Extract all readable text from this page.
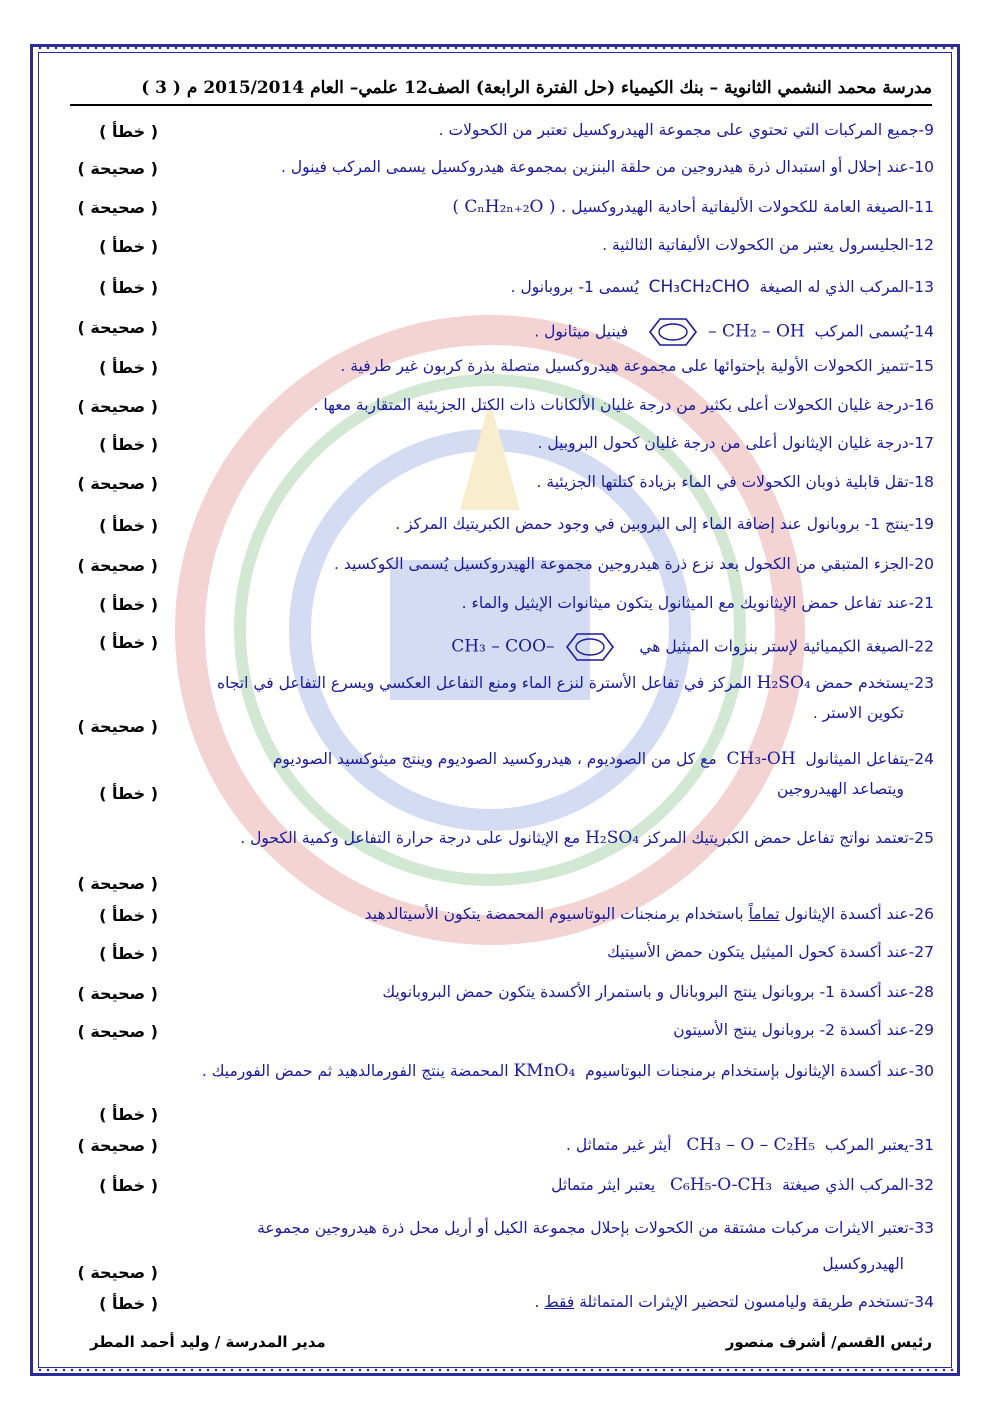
مدرسة محمد النشمي الثانوية – بنك الكيمياء (حل الفترة الرابعة) الصف12 علمي– العام 2015/2014 م ( 3 )
9-جميع المركبات التي تحتوي على مجموعة الهيدروكسيل تعتبر من الكحولات .
( خطأ )
10-عند إحلال أو استبدال ذرة هيدروجين من حلقة البنزين بمجموعة هيدروكسيل يسمى المركب فينول .
( صحيحة )
11-الصيغة العامة للكحولات الأليفاتية أحادية الهيدروكسيل ( CₙH₂ₙ₊₂O ) .
( صحيحة )
12-الجليسرول يعتبر من الكحولات الأليفاتية الثالثية .
( خطأ )
13-المركب الذي له الصيغة  CH₃CH₂CHO  يُسمى 1- بروبانول .
( خطأ )
14-يُسمى المركب  – CH₂ – OH  فينيل ميثانول .
( صحيحة )
15-تتميز الكحولات الأولية بإحتوائها على مجموعة هيدروكسيل متصلة بذرة كربون غير طرفية .
( خطأ )
16-درجة غليان الكحولات أعلى بكثير من درجة غليان الألكانات ذات الكتل الجزيئية المتقاربة معها .
( صحيحة )
17-درجة غليان الإيثانول أعلى من درجة غليان كحول البروبيل .
( خطأ )
18-تقل قابلية ذوبان الكحولات في الماء بزيادة كتلتها الجزيئية .
( صحيحة )
19-ينتج 1- بروبانول عند إضافة الماء إلى البروبين في وجود حمض الكبريتيك المركز .
( خطأ )
20-الجزء المتبقي من الكحول بعد نزع ذرة هيدروجين مجموعة الهيدروكسيل يُسمى الكوكسيد .
( صحيحة )
21-عند تفاعل حمض الإيثانويك مع الميثانول يتكون ميثانوات الإيثيل والماء .
( خطأ )
22-الصيغة الكيميائية لإستر بنزوات الميثيل هي   CH₃ – COO–
( خطأ )
23-يستخدم حمض H₂SO₄ المركز في تفاعل الأسترة لنزع الماء ومنع التفاعل العكسي ويسرع التفاعل في اتجاه
تكوين الاستر .
( صحيحة )
24-يتفاعل الميثانول  CH₃-OH  مع كل من الصوديوم ، هيدروكسيد الصوديوم وينتج ميثوكسيد الصوديوم
ويتصاعد الهيدروجين
( خطأ )
25-تعتمد نواتج تفاعل حمض الكبريتيك المركز H₂SO₄ مع الإيثانول على درجة حرارة التفاعل وكمية الكحول .
( صحيحة )
26-عند أكسدة الإيثانول تماماً باستخدام برمنجنات البوتاسيوم المحمضة يتكون الأسيتالدهيد
( خطأ )
27-عند أكسدة كحول الميثيل يتكون حمض الأسيتيك
( خطأ )
28-عند أكسدة 1- بروبانول ينتج البروبانال و باستمرار الأكسدة يتكون حمض البروبانويك
( صحيحة )
29-عند أكسدة 2- بروبانول ينتج الأسيتون
( صحيحة )
30-عند أكسدة الإيثانول بإستخدام برمنجنات البوتاسيوم  KMnO₄ المحمضة ينتج الفورمالدهيد ثم حمض الفورميك .
( خطأ )
31-يعتبر المركب  CH₃ – O – C₂H₅   أيثر غير متماثل .
( صحيحة )
32-المركب الذي صيغتة  C₆H₅-O-CH₃   يعتبر ايثر متماثل
( خطأ )
33-تعتبر الايثرات مركبات مشتقة من الكحولات بإحلال مجموعة الكيل أو أريل محل ذرة هيدروجين مجموعة
الهيدروكسيل
( صحيحة )
34-تستخدم طريقة وليامسون لتحضير الإيثرات المتماثلة فقط .
( خطأ )
رئيس القسم/ أشرف منصور
مدير المدرسة / وليد أحمد المطر
